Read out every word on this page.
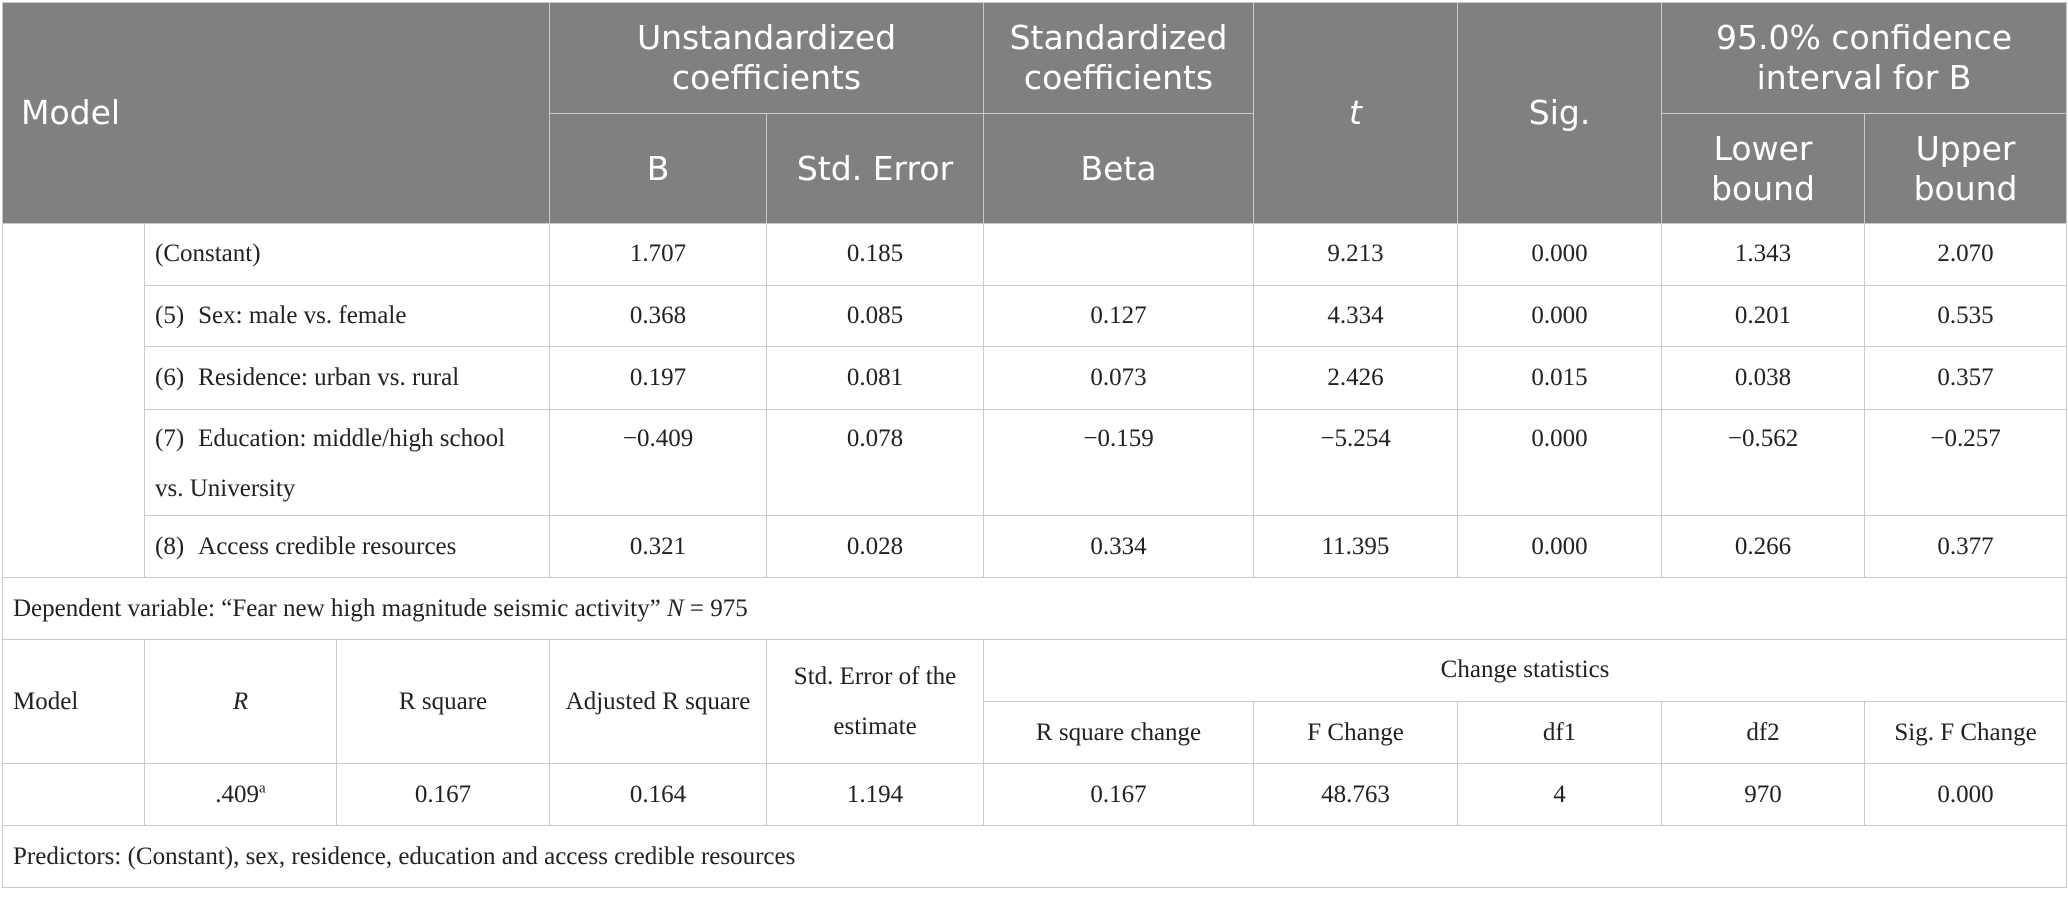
Model			Unstandardized coefficients		Standardized coefficients	t	Sig.	95.0% confidence interval for B	
			B	Std. Error	Beta			Lower bound	Upper bound
	(Constant)		1.707	0.185		9.213	0.000	1.343	2.070
	(5) Sex: male vs. female		0.368	0.085	0.127	4.334	0.000	0.201	0.535
	(6) Residence: urban vs. rural		0.197	0.081	0.073	2.426	0.015	0.038	0.357
	(7) Education: middle/high school vs. University		−0.409	0.078	−0.159	−5.254	0.000	−0.562	−0.257
	(8) Access credible resources		0.321	0.028	0.334	11.395	0.000	0.266	0.377
Dependent variable: “Fear new high magnitude seismic activity” N = 975									
Model	R	R square	Adjusted R square	Std. Error of the estimate	Change statistics				
					R square change	F Change	df1	df2	Sig. F Change
	.409$^a$	0.167	0.164	1.194	0.167	48.763	4	970	0.000
Predictors: (Constant), sex, residence, education and access credible resources									
